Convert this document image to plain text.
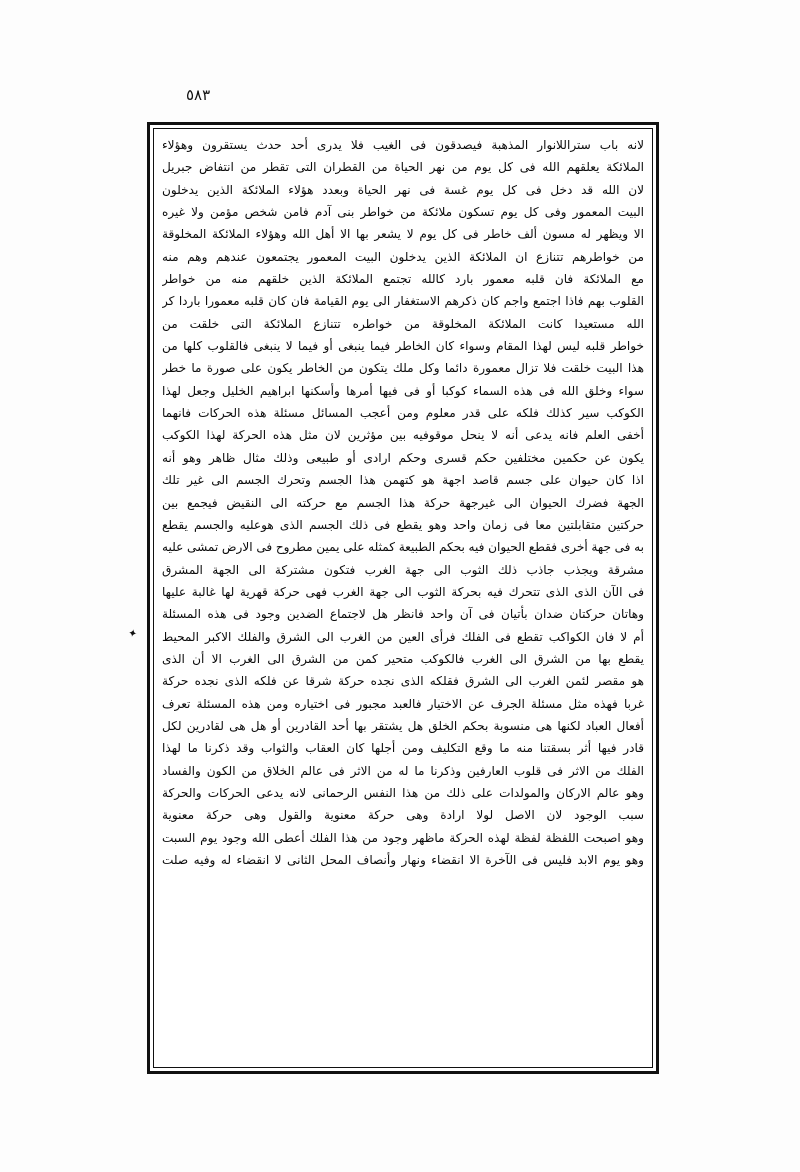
٥٨٣
✦

لانه باب ستراللانوار المذهبة فيصدقون فى الغيب فلا يدرى أحد حدث يستقرون وهؤلاء

الملائكة يعلقهم الله فى كل يوم من نهر الحياة من القطران التى تقطر من انتفاض جبريل

لان الله قد دخل فى كل يوم غسة فى نهر الحياة وبعدد هؤلاء الملائكة الذين يدخلون

البيت المعمور وفى كل يوم تسكون ملائكة من خواطر بنى آدم فامن شخص مؤمن ولا غيره

الا ويظهر له مسون ألف خاطر فى كل يوم لا يشعر بها الا أهل الله وهؤلاء الملائكة المخلوقة

من خواطرهم تتنازع ان الملائكة الذين يدخلون البيت المعمور يجتمعون عندهم وهم منه

مع الملائكة فان قلبه معمور بارد كالله تجتمع الملائكة الذين خلقهم منه من خواطر

القلوب بهم فاذا اجتمع واجم كان ذكرهم الاستغفار الى يوم القيامة فان كان قلبه معمورا باردا كر

الله مستعيدا كانت الملائكة المخلوقة من خواطره تتنازع الملائكة التى خلقت من

خواطر قلبه ليس لهذا المقام وسواء كان الخاطر فيما ينبغى أو فيما لا ينبغى فالقلوب كلها من

هذا البيت خلقت فلا تزال معمورة دائما وكل ملك يتكون من الخاطر يكون على صورة ما خطر

سواء وخلق الله فى هذه السماء كوكبا أو فى فيها أمرها وأسكنها ابراهيم الخليل وجعل لهذا

الكوكب سير كذلك فلكه على قدر معلوم ومن أعجب المسائل مسئلة هذه الحركات فانهما

أخفى العلم فانه يدعى أنه لا ينحل موقوفيه بين مؤثرين لان مثل هذه الحركة لهذا الكوكب

يكون عن حكمين مختلفين حكم قسرى وحكم ارادى أو طبيعى وذلك مثال ظاهر وهو أنه

اذا كان حيوان على جسم قاصد اجهة هو كتهمن هذا الجسم وتحرك الجسم الى غير تلك

الجهة فضرك الحيوان الى غيرجهة حركة هذا الجسم مع حركته الى النقيض فيجمع بين

حركتين متقابلتين معا فى زمان واحد وهو يقطع فى ذلك الجسم الذى هوعليه والجسم يقطع

به فى جهة أخرى فقطع الحيوان فيه بحكم الطبيعة كمثله على يمين مطروح فى الارض تمشى عليه

مشرقة ويجذب جاذب ذلك الثوب الى جهة الغرب فتكون مشتركة الى الجهة المشرق

فى الآن الذى الذى تتحرك فيه بحركة الثوب الى جهة الغرب فهى حركة قهرية لها غالبة عليها

وهاتان حركتان ضدان بأتيان فى آن واحد فانظر هل لاجتماع الضدين وجود فى هذه المسئلة

أم لا فان الكواكب تقطع فى الفلك فرأى العين من الغرب الى الشرق والفلك الاكبر المحيط

يقطع بها من الشرق الى الغرب فالكوكب متحير كمن من الشرق الى الغرب الا أن الذى

هو مقصر لئمن الغرب الى الشرق فقلكه الذى نجده حركة شرقا عن فلكه الذى نجده حركة

غربا فهذه مثل مسئلة الجرف عن الاختيار فالعبد مجبور فى اختياره ومن هذه المسئلة تعرف

أفعال العباد لكنها هى منسوبة بحكم الخلق هل يشتقر بها أحد القادرين أو هل هى لقادرين لكل

قادر فيها أثر بسقتنا منه ما وقع التكليف ومن أجلها كان العقاب والثواب وقد ذكرنا ما لهذا

الفلك من الاثر فى قلوب العارفين وذكرنا ما له من الاثر فى عالم الخلاق من الكون والفساد

وهو عالم الاركان والمولدات على ذلك من هذا النفس الرحمانى لانه يدعى الحركات والحركة

سبب الوجود لان الاصل لولا ارادة وهى حركة معنوية والقول وهى حركة معنوية

وهو اصبحت اللفظة لفظة لهذه الحركة ماظهر وجود من هذا الفلك أعطى الله وجود يوم السبت

وهو يوم الابد فليس فى الآخرة الا انقضاء ونهار وأنصاف المحل الثانى لا انقضاء له وفيه صلت
